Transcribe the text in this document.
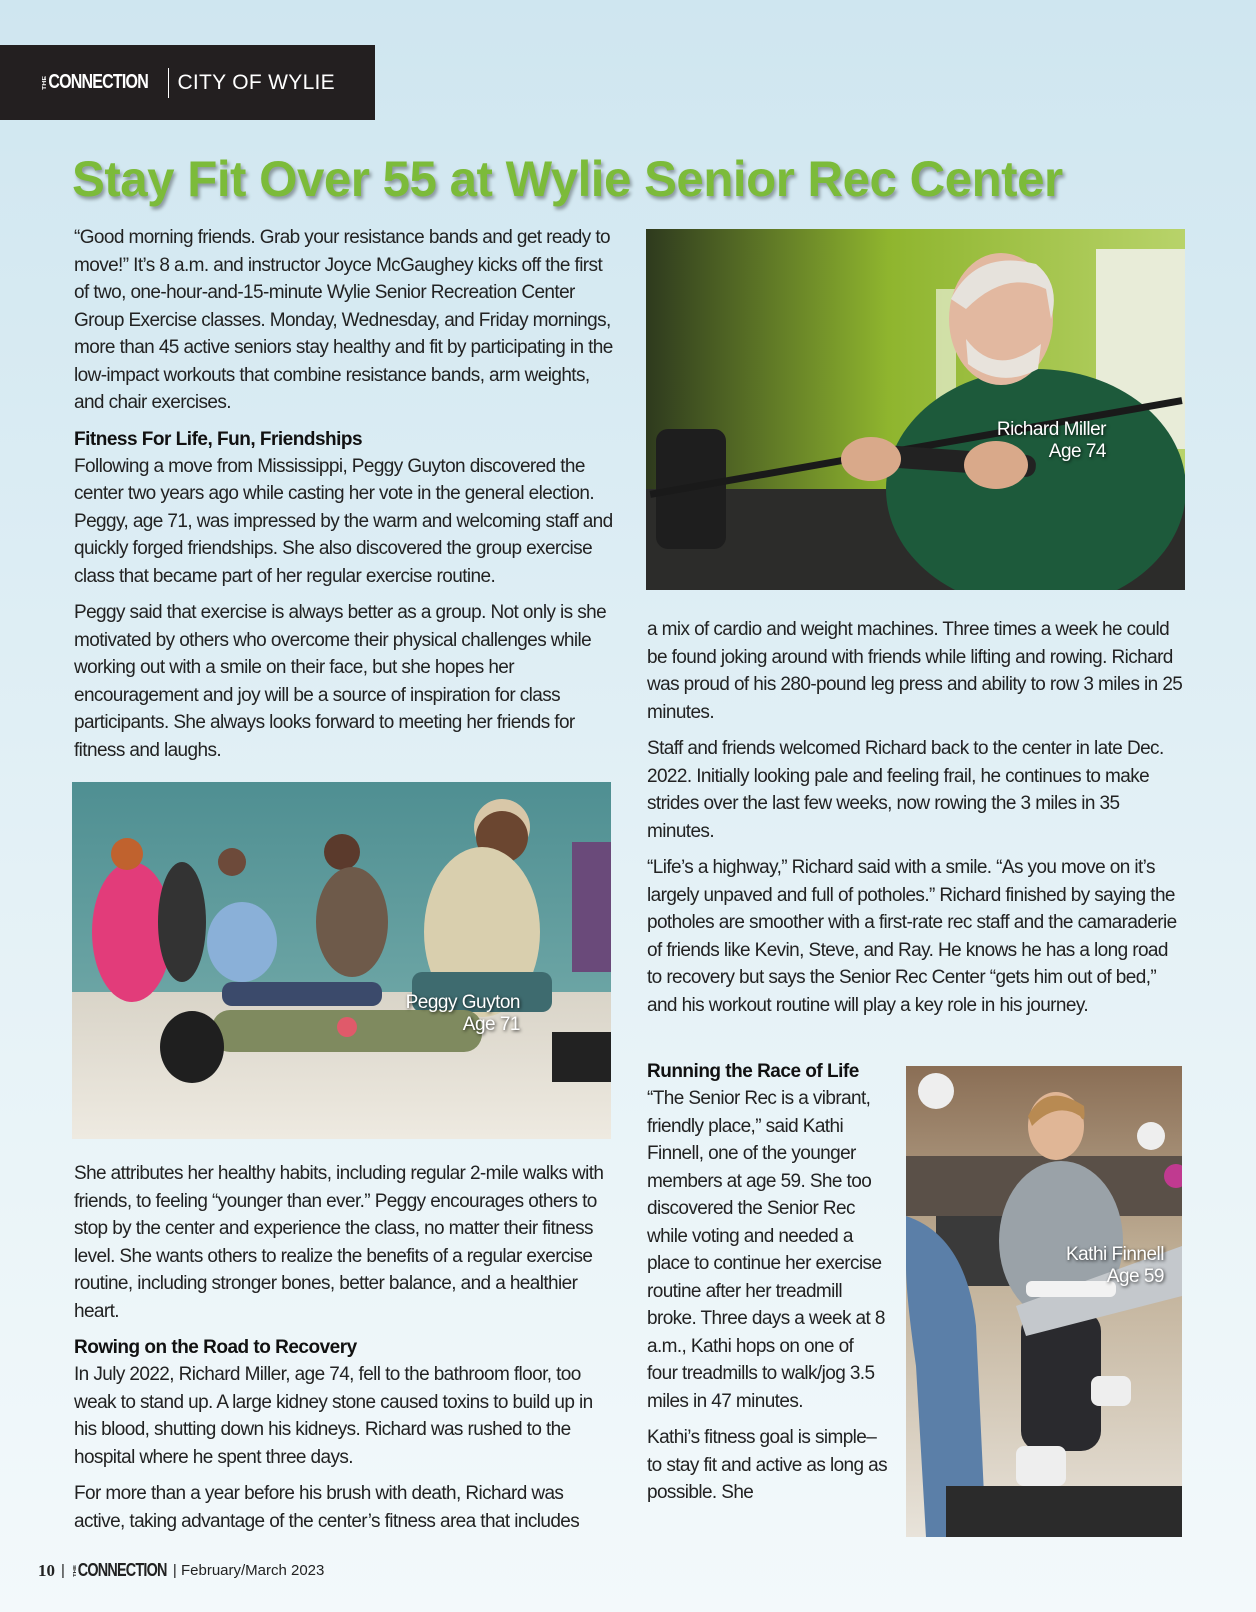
THE CONNECTION CITY OF WYLIE
Stay Fit Over 55 at Wylie Senior Rec Center

“Good morning friends. Grab your resistance bands and get ready to move!” It’s 8 a.m. and instructor Joyce McGaughey kicks off the first of two, one-hour-and-15-minute Wylie Senior Recreation Center Group Exercise classes. Monday, Wednesday, and Friday mornings, more than 45 active seniors stay healthy and fit by participating in the low-impact workouts that combine resistance bands, arm weights, and chair exercises.

Fitness For Life, Fun, Friendships

Following a move from Mississippi, Peggy Guyton discovered the center two years ago while casting her vote in the general election. Peggy, age 71, was impressed by the warm and welcoming staff and quickly forged friendships. She also discovered the group exercise class that became part of her regular exercise routine.

Peggy said that exercise is always better as a group. Not only is she motivated by others who overcome their physical challenges while working out with a smile on their face, but she hopes her encouragement and joy will be a source of inspiration for class participants. She always looks forward to meeting her friends for fitness and laughs.

Peggy Guyton
Age 71

She attributes her healthy habits, including regular 2-mile walks with friends, to feeling “younger than ever.” Peggy encourages others to stop by the center and experience the class, no matter their fitness level. She wants others to realize the benefits of a regular exercise routine, including stronger bones, better balance, and a healthier heart.

Rowing on the Road to Recovery

In July 2022, Richard Miller, age 74, fell to the bathroom floor, too weak to stand up. A large kidney stone caused toxins to build up in his blood, shutting down his kidneys. Richard was rushed to the hospital where he spent three days.

For more than a year before his brush with death, Richard was active, taking advantage of the center’s fitness area that includes

Richard Miller
Age 74

a mix of cardio and weight machines. Three times a week he could be found joking around with friends while lifting and rowing. Richard was proud of his 280-pound leg press and ability to row 3 miles in 25 minutes.

Staff and friends welcomed Richard back to the center in late Dec. 2022. Initially looking pale and feeling frail, he continues to make strides over the last few weeks, now rowing the 3 miles in 35 minutes.

“Life’s a highway,” Richard said with a smile. “As you move on it’s largely unpaved and full of potholes.” Richard finished by saying the potholes are smoother with a first-rate rec staff and the camaraderie of friends like Kevin, Steve, and Ray. He knows he has a long road to recovery but says the Senior Rec Center “gets him out of bed,” and his workout routine will play a key role in his journey.

Running the Race of Life

“The Senior Rec is a vibrant, friendly place,” said Kathi Finnell, one of the younger members at age 59. She too discovered the Senior Rec while voting and needed a place to continue her exercise routine after her treadmill broke. Three days a week at 8 a.m., Kathi hops on one of four treadmills to walk/jog 3.5 miles in 47 minutes.

Kathi’s fitness goal is simple–to stay fit and active as long as possible. She

Kathi Finnell
Age 59
10 | THE CONNECTION | February/March 2023
